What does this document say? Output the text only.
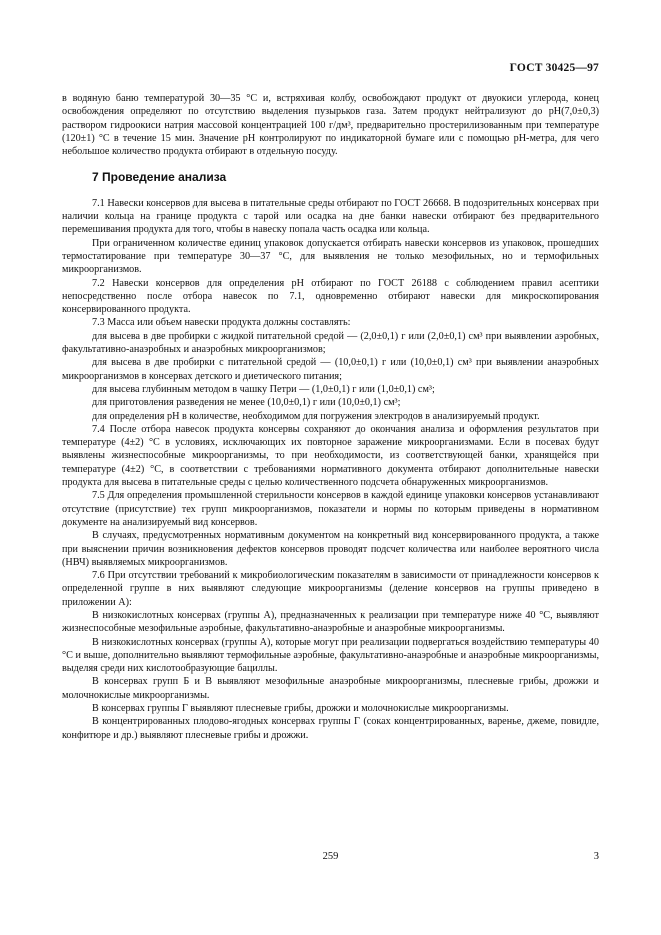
ГОСТ 30425—97

в водяную баню температурой 30—35 °С и, встряхивая колбу, освобождают продукт от двуокиси углерода, конец освобождения определяют по отсутствию выделения пузырьков газа. Затем продукт нейтрализуют до pH(7,0±0,3) раствором гидроокиси натрия массовой концентрацией 100 г/дм³, предварительно простерилизованным при температуре (120±1) °С в течение 15 мин. Значение pH контролируют по индикаторной бумаге или с помощью pH-метра, для чего небольшое количество продукта отбирают в отдельную посуду.

7 Проведение анализа

7.1 Навески консервов для высева в питательные среды отбирают по ГОСТ 26668. В подозрительных консервах при наличии кольца на границе продукта с тарой или осадка на дне банки навески отбирают без предварительного перемешивания продукта для того, чтобы в навеску попала часть осадка или кольца.

При ограниченном количестве единиц упаковок допускается отбирать навески консервов из упаковок, прошедших термостатирование при температуре 30—37 °С, для выявления не только мезофильных, но и термофильных микроорганизмов.

7.2 Навески консервов для определения pH отбирают по ГОСТ 26188 с соблюдением правил асептики непосредственно после отбора навесок по 7.1, одновременно отбирают навески для микроскопирования консервированного продукта.

7.3 Масса или объем навески продукта должны составлять:

для высева в две пробирки с жидкой питательной средой — (2,0±0,1) г или (2,0±0,1) см³ при выявлении аэробных, факультативно-анаэробных и анаэробных микроорганизмов;

для высева в две пробирки с питательной средой — (10,0±0,1) г или (10,0±0,1) см³ при выявлении анаэробных микроорганизмов в консервах детского и диетического питания;

для высева глубинным методом в чашку Петри — (1,0±0,1) г или (1,0±0,1) см³;

для приготовления разведения не менее (10,0±0,1) г или (10,0±0,1) см³;

для определения pH в количестве, необходимом для погружения электродов в анализируемый продукт.

7.4 После отбора навесок продукта консервы сохраняют до окончания анализа и оформления результатов при температуре (4±2) °С в условиях, исключающих их повторное заражение микроорганизмами. Если в посевах будут выявлены жизнеспособные микроорганизмы, то при необходимости, из соответствующей банки, хранящейся при температуре (4±2) °С, в соответствии с требованиями нормативного документа отбирают дополнительные навески продукта для высева в питательные среды с целью количественного подсчета обнаруженных микроорганизмов.

7.5 Для определения промышленной стерильности консервов в каждой единице упаковки консервов устанавливают отсутствие (присутствие) тех групп микроорганизмов, показатели и нормы по которым приведены в нормативном документе на анализируемый вид консервов.

В случаях, предусмотренных нормативным документом на конкретный вид консервированного продукта, а также при выяснении причин возникновения дефектов консервов проводят подсчет количества или наиболее вероятного числа (НВЧ) выявляемых микроорганизмов.

7.6 При отсутствии требований к микробиологическим показателям в зависимости от принадлежности консервов к определенной группе в них выявляют следующие микроорганизмы (деление консервов на группы приведено в приложении А):

В низкокислотных консервах (группы А), предназначенных к реализации при температуре ниже 40 °С, выявляют жизнеспособные мезофильные аэробные, факультативно-анаэробные и анаэробные микроорганизмы.

В низкокислотных консервах (группы А), которые могут при реализации подвергаться воздействию температуры 40 °С и выше, дополнительно выявляют термофильные аэробные, факультативно-анаэробные и анаэробные микроорганизмы, выделяя среди них кислотообразующие бациллы.

В консервах групп Б и В выявляют мезофильные анаэробные микроорганизмы, плесневые грибы, дрожжи и молочнокислые микроорганизмы.

В консервах группы Г выявляют плесневые грибы, дрожжи и молочнокислые микроорганизмы.

В концентрированных плодово-ягодных консервах группы Г (соках концентрированных, варенье, джеме, повидле, конфитюре и др.) выявляют плесневые грибы и дрожжи.

259	3
